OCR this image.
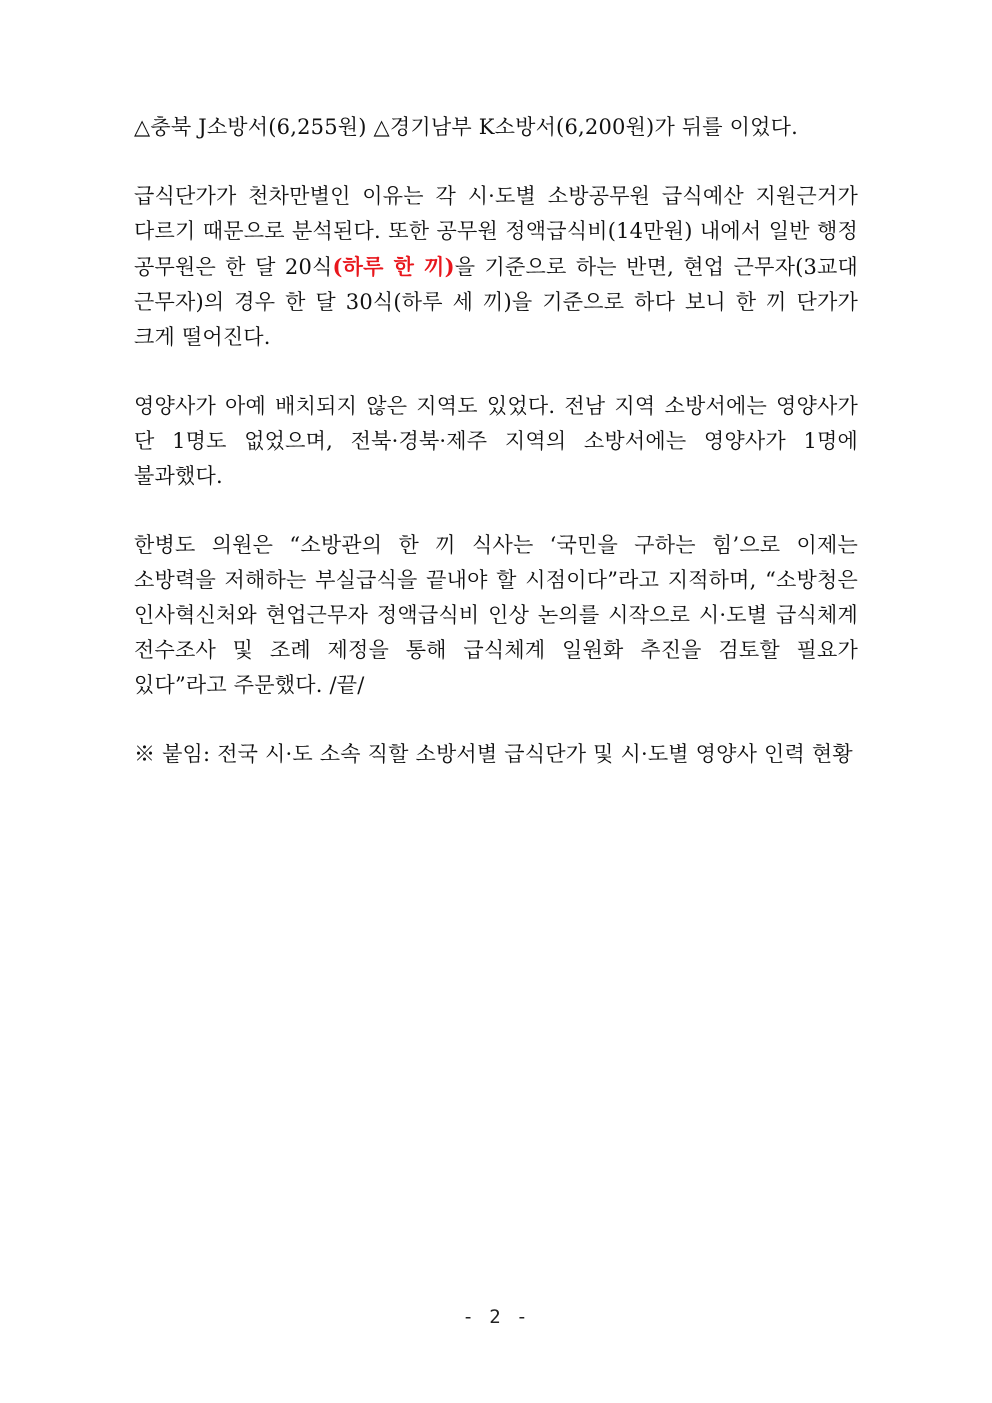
△충북 J소방서(6,255원) △경기남부 K소방서(6,200원)가 뒤를 이었다.

급식단가가 천차만별인 이유는 각 시·도별 소방공무원 급식예산 지원근거가 다르기 때문으로 분석된다. 또한 공무원 정액급식비(14만원) 내에서 일반 행정 공무원은 한 달 20식(하루 한 끼)을 기준으로 하는 반면, 현업 근무자(3교대 근무자)의 경우 한 달 30식(하루 세 끼)을 기준으로 하다 보니 한 끼 단가가 크게 떨어진다.

영양사가 아예 배치되지 않은 지역도 있었다. 전남 지역 소방서에는 영양사가 단 1명도 없었으며, 전북·경북·제주 지역의 소방서에는 영양사가 1명에 불과했다.

한병도 의원은 “소방관의 한 끼 식사는 ‘국민을 구하는 힘’으로 이제는 소방력을 저해하는 부실급식을 끝내야 할 시점이다”라고 지적하며, “소방청은 인사혁신처와 현업근무자 정액급식비 인상 논의를 시작으로 시·도별 급식체계 전수조사 및 조례 제정을 통해 급식체계 일원화 추진을 검토할 필요가 있다”라고 주문했다. /끝/

※ 붙임: 전국 시·도 소속 직할 소방서별 급식단가 및 시·도별 영양사 인력 현황

- 2 -
